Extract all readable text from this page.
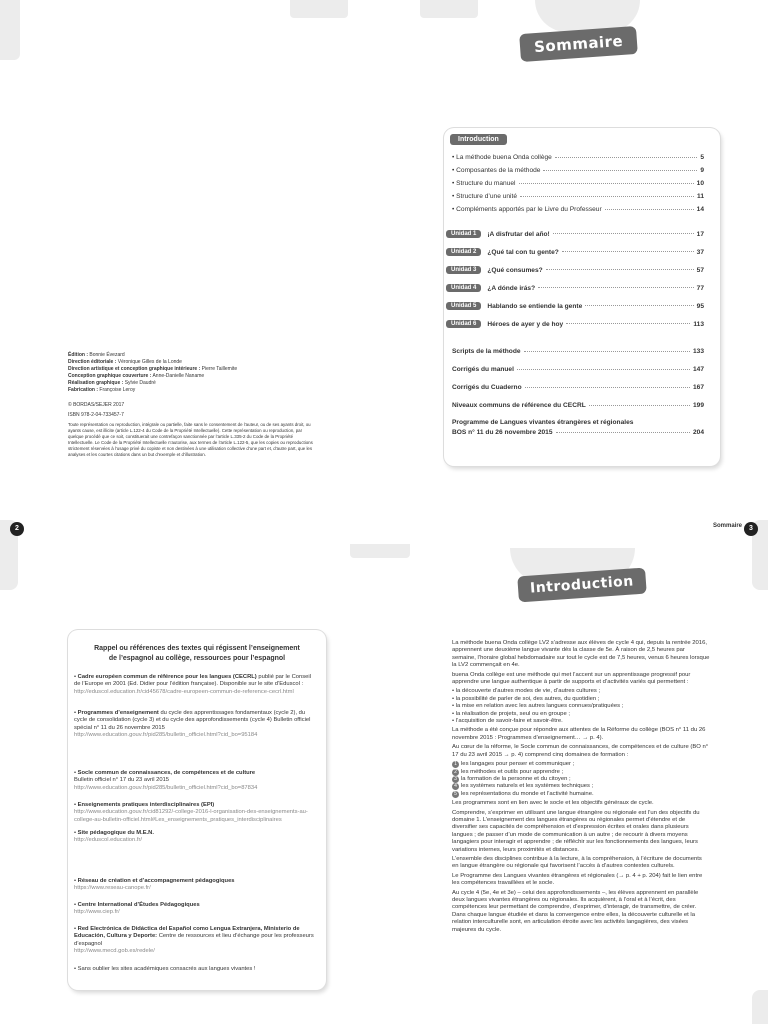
Sommaire
Introduction
• La méthode buena Onda collège	5
• Composantes de la méthode	9
• Structure du manuel	10
• Structure d’une unité	11
• Compléments apportés par le Livre du Professeur	14
Unidad 1	¡A disfrutar del año!	17
Unidad 2	¿Qué tal con tu gente?	37
Unidad 3	¿Qué consumes?	57
Unidad 4	¿A dónde irás?	77
Unidad 5	Hablando se entiende la gente	95
Unidad 6	Héroes de ayer y de hoy	113
Scripts de la méthode	133
Corrigés du manuel	147
Corrigés du Cuaderno	167
Niveaux communs de référence du CECRL	199
Programme de Langues vivantes étrangères et régionales
BOS n° 11 du 26 novembre 2015	204
Édition : Bonnie Évezard
Direction éditoriale : Véronique Gilles de la Londe
Direction artistique et conception graphique intérieure : Pierre Taillemite
Conception graphique couverture : Anne-Danielle Naname
Réalisation graphique : Sylvie Daudré
Fabrication : Françoise Leroy
© BORDAS/SEJER 2017
ISBN 978-2-04-733457-7
Toute représentation ou reproduction, intégrale ou partielle, faite sans le consentement de l’auteur, ou de ses ayants droit, ou ayants cause, est illicite (article L.122-4 du Code de la Propriété Intellectuelle). Cette représentation ou reproduction, par quelque procédé que ce soit, constituerait une contrefaçon sanctionnée par l’article L.335-2 du Code de la Propriété Intellectuelle. Le Code de la Propriété Intellectuelle n’autorise, aux termes de l’article L.122-5, que les copies ou reproductions strictement réservées à l’usage privé du copiste et non destinées à une utilisation collective d’une part et, d’autre part, que les analyses et les courtes citations dans un but d’exemple et d’illustration.
2	Sommaire	3
Introduction
Rappel ou références des textes qui régissent l’enseignement
de l’espagnol au collège, ressources pour l’espagnol
• Cadre européen commun de référence pour les langues (CECRL) publié par le Conseil de l’Europe en 2001 (Ed. Didier pour l’édition française). Disponible sur le site d’Eduscol :
http://eduscol.education.fr/cid45678/cadre-europeen-commun-de-reference-cecrl.html
• Programmes d’enseignement du cycle des apprentissages fondamentaux (cycle 2), du cycle de consolidation (cycle 3) et du cycle des approfondissements (cycle 4) Bulletin officiel spécial n° 11 du 26 novembre 2015
http://www.education.gouv.fr/pid285/bulletin_officiel.html?cid_bo=95184
• Socle commun de connaissances, de compétences et de culture
Bulletin officiel n° 17 du 23 avril 2015
http://www.education.gouv.fr/pid285/bulletin_officiel.html?cid_bo=87834
• Enseignements pratiques interdisciplinaires (EPI)
http://www.education.gouv.fr/cid81292/-college-2016-l-organisation-des-enseignements-au-college-au-bulletin-officiel.html#Les_enseignements_pratiques_interdisciplinaires
• Site pédagogique du M.E.N.
http://eduscol.education.fr/
• Réseau de création et d’accompagnement pédagogiques
https://www.reseau-canope.fr/
• Centre International d’Études Pédagogiques
http://www.ciep.fr/
• Red Electrónica de Didáctica del Español como Lengua Extranjera, Ministerio de Educación, Cultura y Deporte: Centre de ressources et lieu d’échange pour les professeurs d’espagnol
http://www.mecd.gob.es/redele/
• Sans oublier les sites académiques consacrés aux langues vivantes !

La méthode buena Onda collège LV2 s’adresse aux élèves de cycle 4 qui, depuis la rentrée 2016, apprennent une deuxième langue vivante dès la classe de 5e. À raison de 2,5 heures par semaine, l’horaire global hebdomadaire sur tout le cycle est de 7,5 heures, venus 6 heures lorsque la LV2 commençait en 4e.

buena Onda collège est une méthode qui met l’accent sur un apprentissage progressif pour apprendre une langue authentique à partir de supports et d’activités variés qui permettent :

• la découverte d’autres modes de vie, d’autres cultures ;
• la possibilité de parler de soi, des autres, du quotidien ;
• la mise en relation avec les autres langues connues/pratiquées ;
• la réalisation de projets, seul ou en groupe ;

• l’acquisition de savoir-faire et savoir-être.

La méthode a été conçue pour répondre aux attentes de la Réforme du collège (BOS n° 11 du 26 novembre 2015 : Programmes d’enseignement… → p. 4).

Au cœur de la réforme, le Socle commun de connaissances, de compétences et de culture (BO n° 17 du 23 avril 2015 → p. 4) comprend cinq domaines de formation :

1 les langages pour penser et communiquer ;
2 les méthodes et outils pour apprendre ;
3 la formation de la personne et du citoyen ;
4 les systèmes naturels et les systèmes techniques ;

5 les représentations du monde et l’activité humaine.

Les programmes sont en lien avec le socle et les objectifs généraux de cycle.

Comprendre, s’exprimer en utilisant une langue étrangère ou régionale est l’un des objectifs du domaine 1. L’enseignement des langues étrangères ou régionales permet d’étendre et de diversifier ses capacités de compréhension et d’expression écrites et orales dans plusieurs langues ; de passer d’un mode de communication à un autre ; de recourir à divers moyens langagiers pour interagir et apprendre ; de réfléchir sur les fonctionnements des langues, leurs variations internes, leurs proximités et distances.

L’ensemble des disciplines contribue à la lecture, à la compréhension, à l’écriture de documents en langue étrangère ou régionale qui favorisent l’accès à d’autres contextes culturels.

Le Programme des Langues vivantes étrangères et régionales (→ p. 4 + p. 204) fait le lien entre les compétences travaillées et le socle.

Au cycle 4 (5e, 4e et 3e) – celui des approfondissements –, les élèves apprennent en parallèle deux langues vivantes étrangères ou régionales. Ils acquièrent, à l’oral et à l’écrit, des compétences leur permettant de comprendre, d’exprimer, d’interagir, de transmettre, de créer. Dans chaque langue étudiée et dans la convergence entre elles, la découverte culturelle et la relation interculturelle sont, en articulation étroite avec les activités langagières, des visées majeures du cycle.
